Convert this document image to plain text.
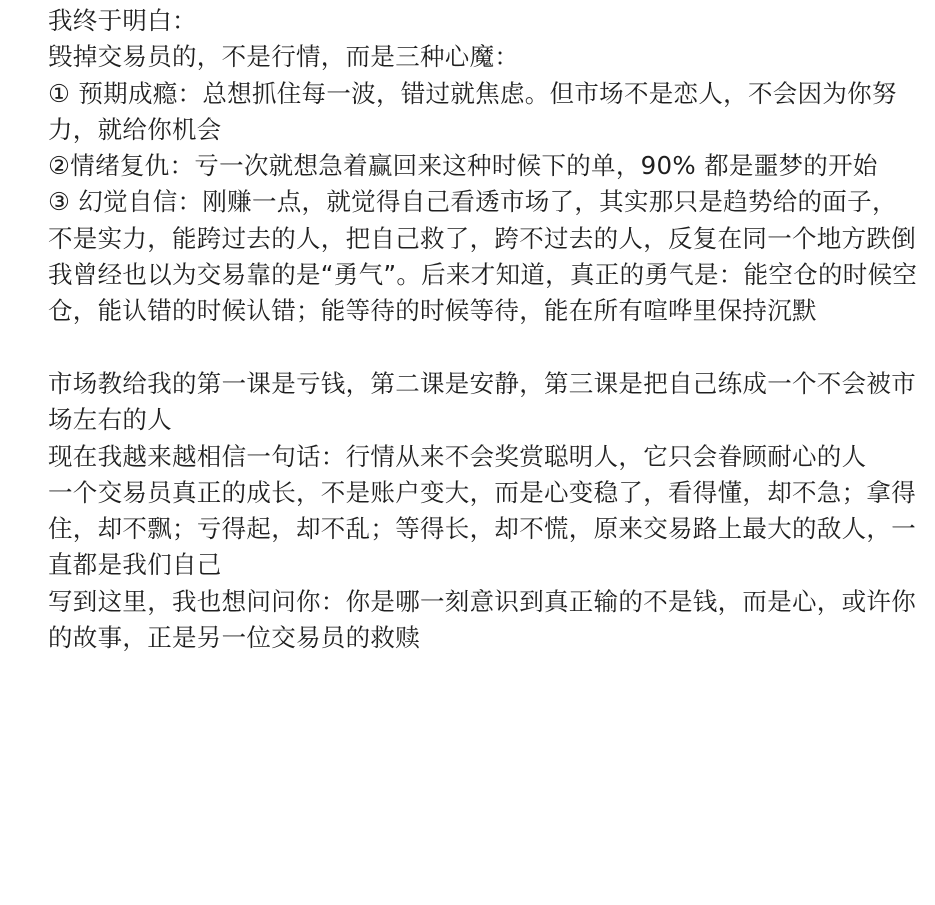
我终于明白：

毁掉交易员的，不是行情，而是三种心魔：

① 预期成瘾：总想抓住每一波，错过就焦虑。但市场不是恋人，不会因为你努力，就给你机会

②情绪复仇：亏一次就想急着赢回来这种时候下的单，90% 都是噩梦的开始

③ 幻觉自信：刚赚一点，就觉得自己看透市场了，其实那只是趋势给的面子，不是实力，能跨过去的人，把自己救了，跨不过去的人，反复在同一个地方跌倒

我曾经也以为交易靠的是“勇气”。后来才知道，真正的勇气是：能空仓的时候空仓，能认错的时候认错；能等待的时候等待，能在所有喧哗里保持沉默

市场教给我的第一课是亏钱，第二课是安静，第三课是把自己练成一个不会被市场左右的人

现在我越来越相信一句话：行情从来不会奖赏聪明人，它只会眷顾耐心的人

一个交易员真正的成长，不是账户变大，而是心变稳了，看得懂，却不急；拿得住，却不飘；亏得起，却不乱；等得长，却不慌，原来交易路上最大的敌人，一直都是我们自己

写到这里，我也想问问你：你是哪一刻意识到真正输的不是钱，而是心，或许你的故事，正是另一位交易员的救赎
